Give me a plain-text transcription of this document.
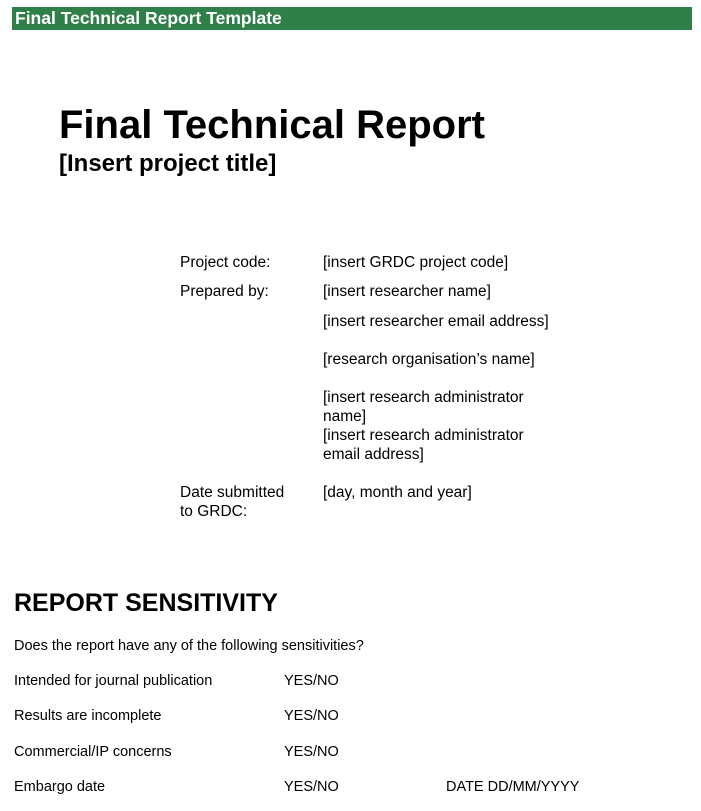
Final Technical Report Template
Final Technical Report
[Insert project title]
Project code:	[insert GRDC project code]
Prepared by:	[insert researcher name]
[insert researcher email address]
[research organisation’s name]
[insert research administrator
name]
[insert research administrator
email address]
Date submitted
to GRDC:
[day, month and year]
REPORT SENSITIVITY
Does the report have any of the following sensitivities?
Intended for journal publication	YES/NO
Results are incomplete	YES/NO
Commercial/IP concerns	YES/NO
Embargo date	YES/NO	DATE DD/MM/YYYY
